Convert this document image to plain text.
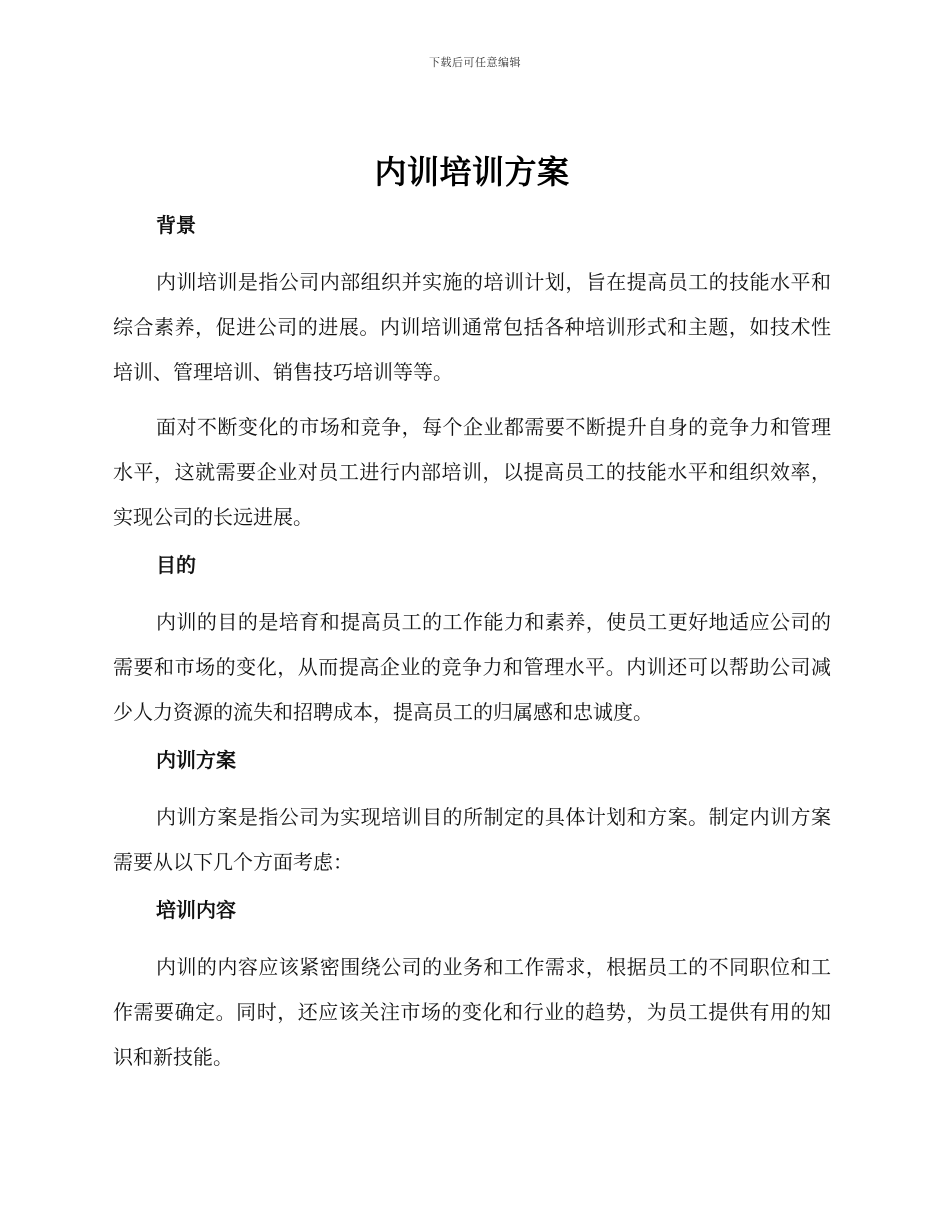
下载后可任意编辑
内训培训方案
背景

内训培训是指公司内部组织并实施的培训计划，旨在提高员工的技能水平和综合素养，促进公司的进展。内训培训通常包括各种培训形式和主题，如技术性培训、管理培训、销售技巧培训等等。

面对不断变化的市场和竞争，每个企业都需要不断提升自身的竞争力和管理水平，这就需要企业对员工进行内部培训，以提高员工的技能水平和组织效率，实现公司的长远进展。

目的

内训的目的是培育和提高员工的工作能力和素养，使员工更好地适应公司的需要和市场的变化，从而提高企业的竞争力和管理水平。内训还可以帮助公司减少人力资源的流失和招聘成本，提高员工的归属感和忠诚度。

内训方案

内训方案是指公司为实现培训目的所制定的具体计划和方案。制定内训方案需要从以下几个方面考虑：

培训内容

内训的内容应该紧密围绕公司的业务和工作需求，根据员工的不同职位和工作需要确定。同时，还应该关注市场的变化和行业的趋势，为员工提供有用的知识和新技能。
